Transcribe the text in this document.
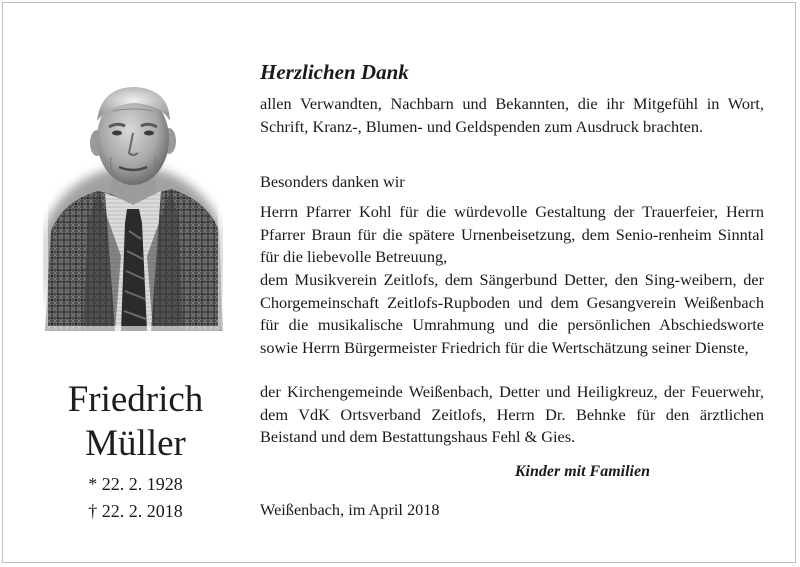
Friedrich
Müller
* 22. 2. 1928
† 22. 2. 2018
Herzlichen Dank

allen Verwandten, Nachbarn und Bekannten, die ihr Mitgefühl in Wort, Schrift, Kranz-, Blumen- und Geldspenden zum Ausdruck brachten.

Besonders danken wir

Herrn Pfarrer Kohl für die würdevolle Gestaltung der Trauerfeier, Herrn Pfarrer Braun für die spätere Urnenbeisetzung, dem Senio-renheim Sinntal für die liebevolle Betreuung,

dem Musikverein Zeitlofs, dem Sängerbund Detter, den Sing-weibern, der Chorgemeinschaft Zeitlofs-Rupboden und dem Gesangverein Weißenbach für die musikalische Umrahmung und die persönlichen Abschiedsworte sowie Herrn Bürgermeister Friedrich für die Wertschätzung seiner Dienste,

der Kirchengemeinde Weißenbach, Detter und Heiligkreuz, der Feuerwehr, dem VdK Ortsverband Zeitlofs, Herrn Dr. Behnke für den ärztlichen Beistand und dem Bestattungshaus Fehl & Gies.

Kinder mit Familien
Weißenbach, im April 2018
